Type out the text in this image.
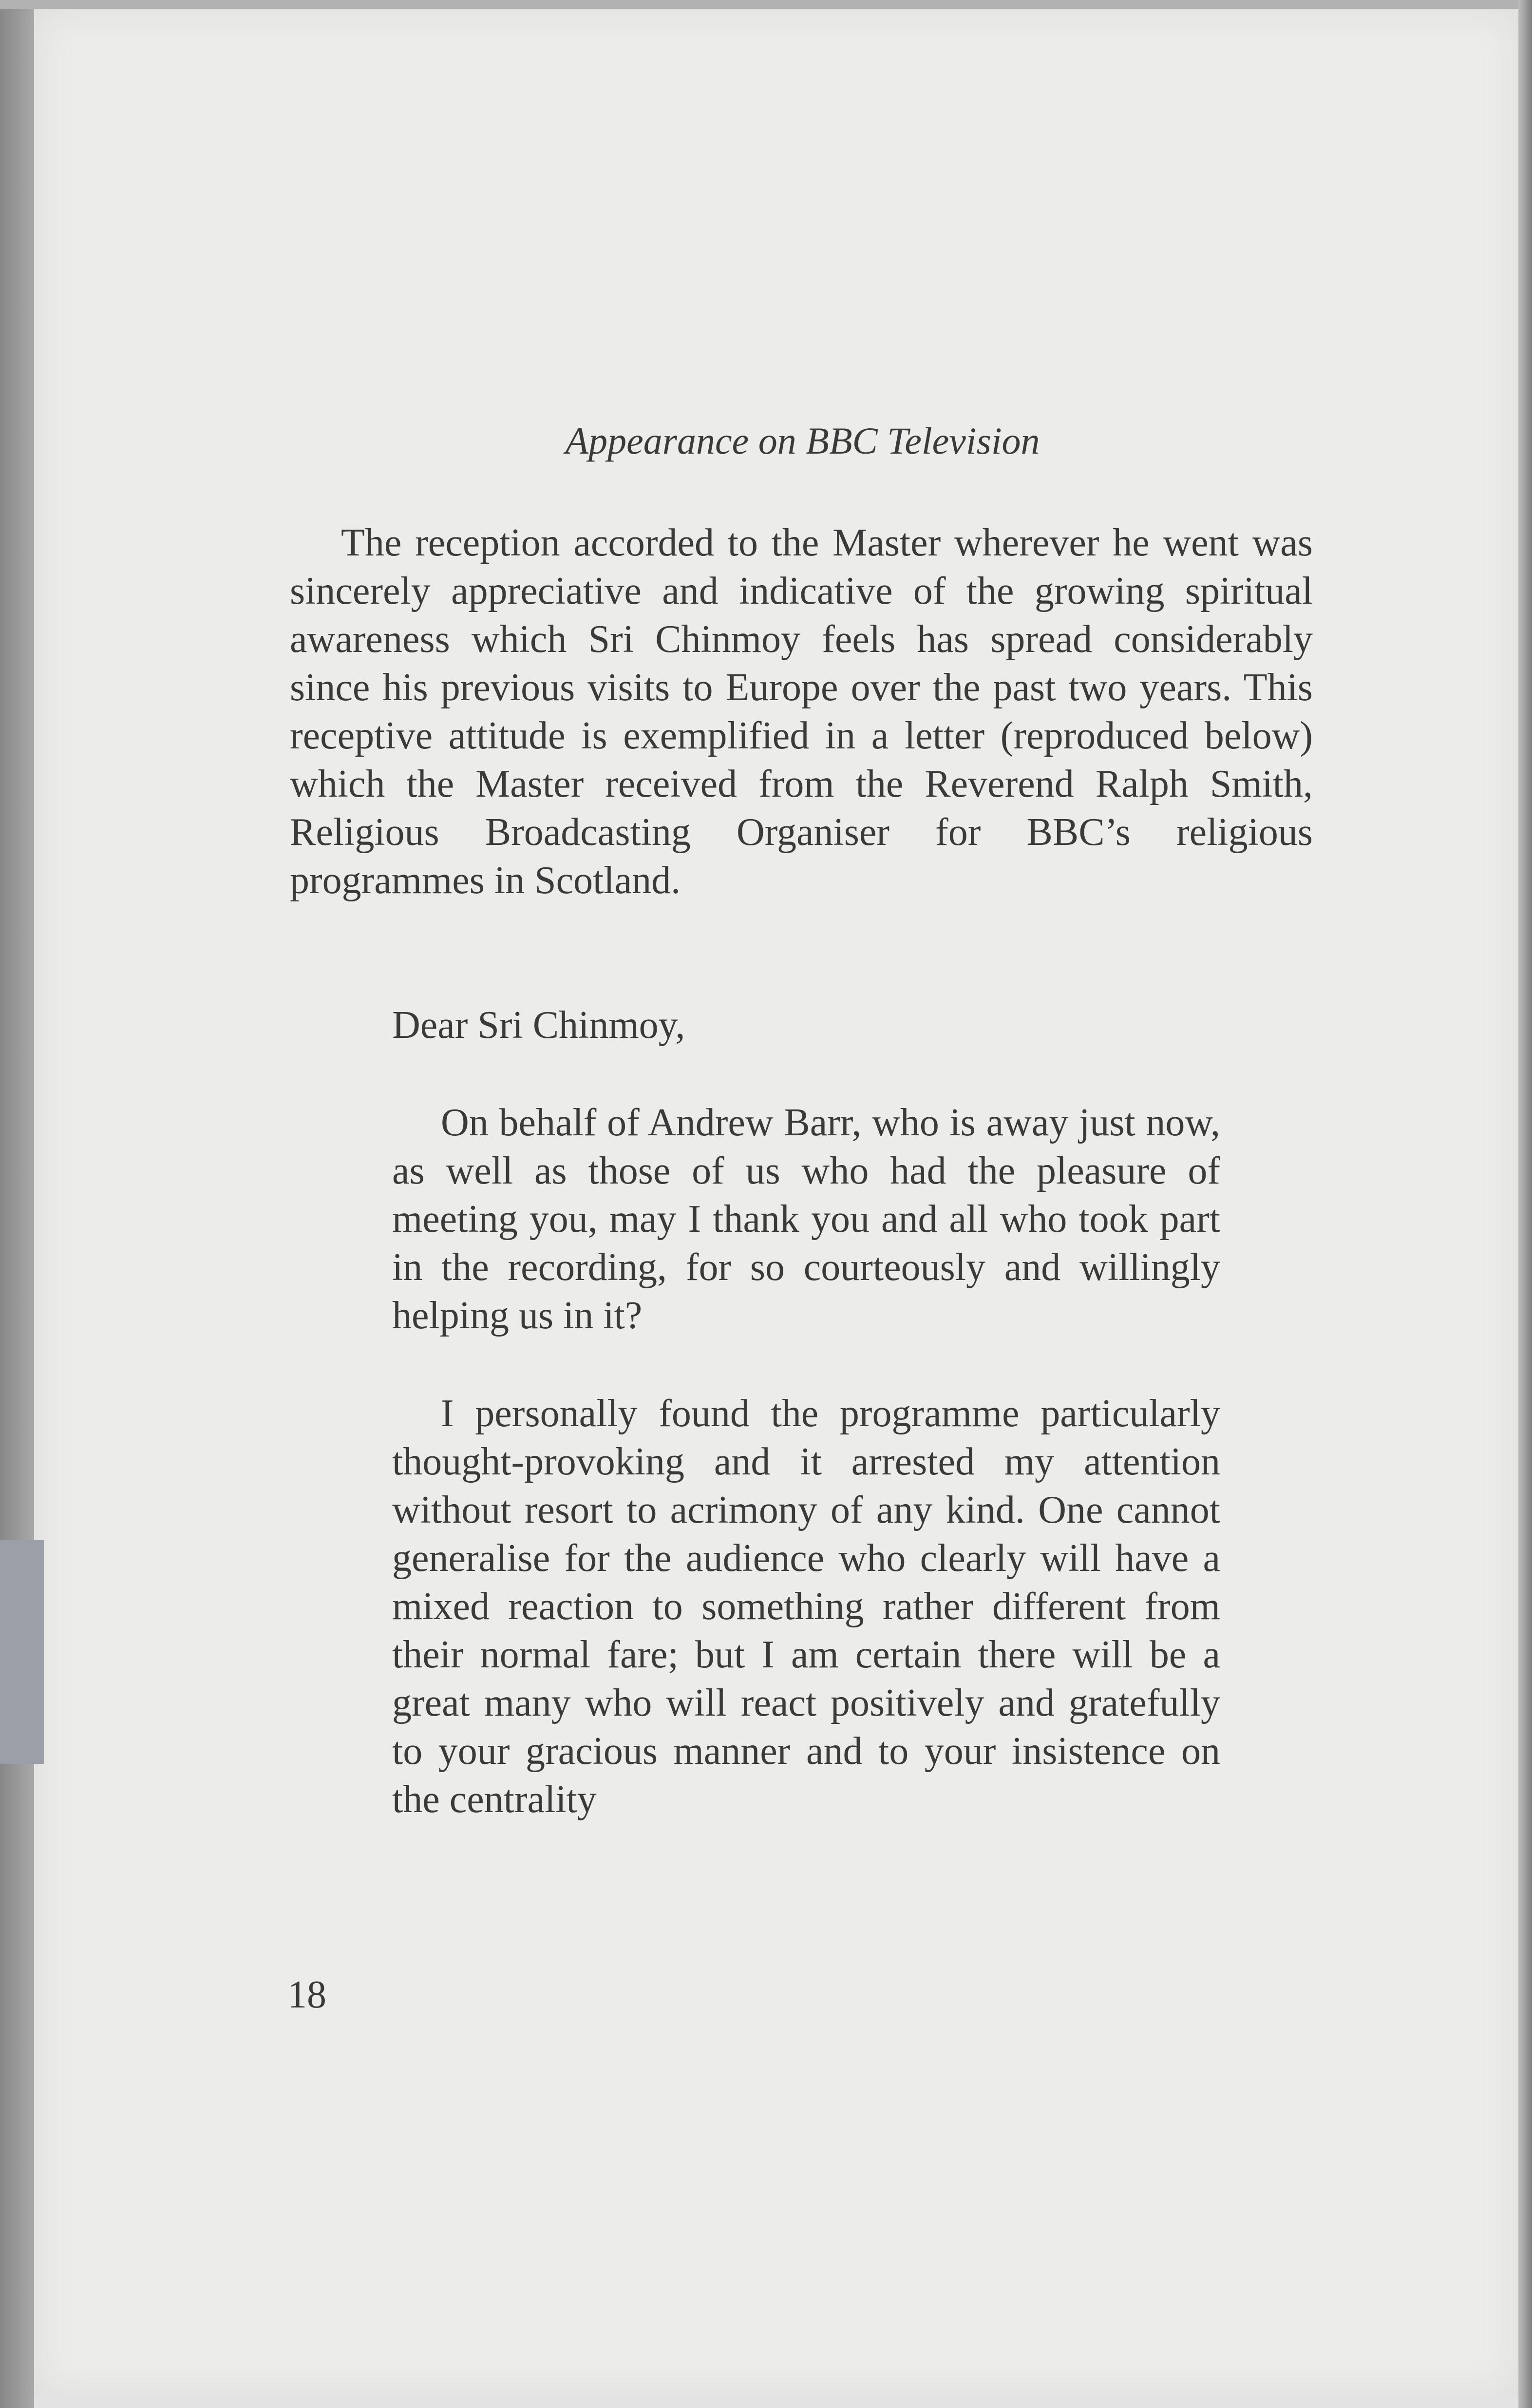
Appearance on BBC Television

The reception accorded to the Master wherever he went was sincerely appreciative and indicative of the growing spiritual awareness which Sri Chinmoy feels has spread considerably since his previous visits to Europe over the past two years. This receptive attitude is exemplified in a letter (reproduced below) which the Master received from the Reverend Ralph Smith, Religious Broadcasting Organiser for BBC’s religious programmes in Scotland.

Dear Sri Chinmoy,

On behalf of Andrew Barr, who is away just now, as well as those of us who had the pleasure of meeting you, may I thank you and all who took part in the recording, for so courteously and willingly helping us in it?

I personally found the programme particularly thought-provoking and it arrested my attention without resort to acrimony of any kind. One cannot generalise for the audience who clearly will have a mixed reaction to something rather different from their normal fare; but I am certain there will be a great many who will react positively and gratefully to your gracious manner and to your insistence on the centrality

18
